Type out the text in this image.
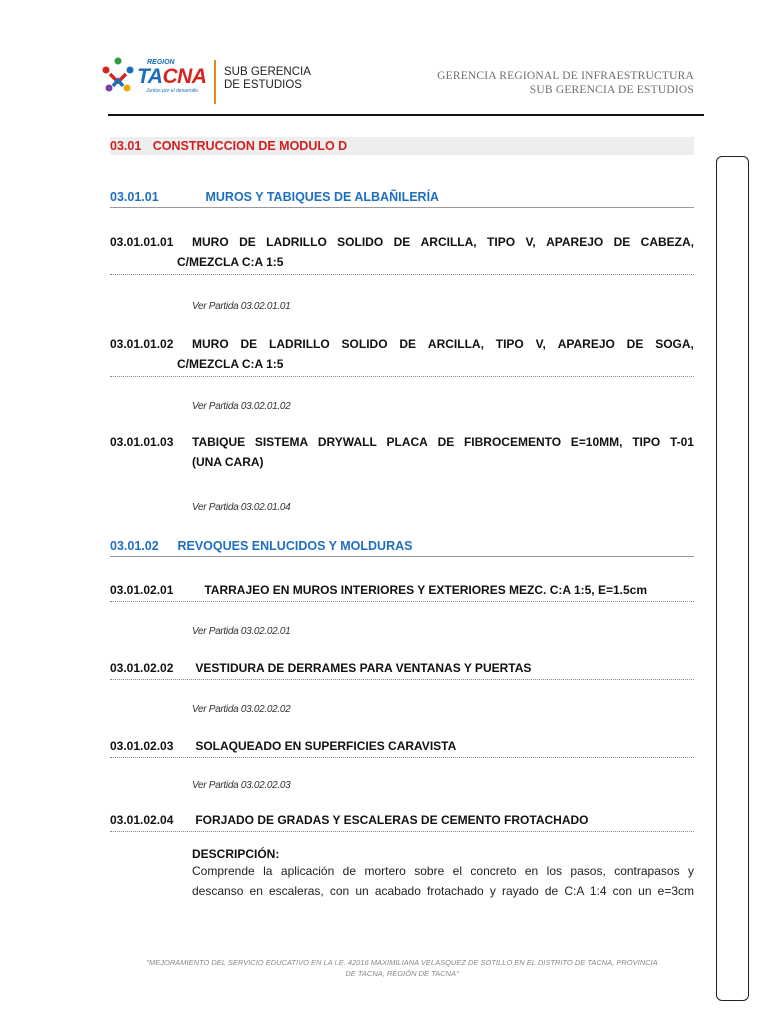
REGION
TACNA
Juntos por el desarrollo
SUB GERENCIA
DE ESTUDIOS
GERENCIA REGIONAL DE INFRAESTRUCTURA
SUB GERENCIA DE ESTUDIOS
03.01 CONSTRUCCION DE MODULO D
03.01.01	MUROS Y TABIQUES DE ALBAÑILERÍA
03.01.01.01	MURO DE LADRILLO SOLIDO DE ARCILLA, TIPO V, APAREJO DE CABEZA,
C/MEZCLA C:A 1:5
Ver Partida 03.02.01.01
03.01.01.02	MURO DE LADRILLO SOLIDO DE ARCILLA, TIPO V, APAREJO DE SOGA,
C/MEZCLA C:A 1:5
Ver Partida 03.02.01.02
03.01.01.03	TABIQUE SISTEMA DRYWALL PLACA DE FIBROCEMENTO E=10MM, TIPO T-01
(UNA CARA)
Ver Partida 03.02.01.04
03.01.02 REVOQUES ENLUCIDOS Y MOLDURAS
03.01.02.01	TARRAJEO EN MUROS INTERIORES Y EXTERIORES MEZC. C:A 1:5, E=1.5cm
Ver Partida 03.02.02.01
03.01.02.02 VESTIDURA DE DERRAMES PARA VENTANAS Y PUERTAS
Ver Partida 03.02.02.02
03.01.02.03 SOLAQUEADO EN SUPERFICIES CARAVISTA
Ver Partida 03.02.02.03
03.01.02.04 FORJADO DE GRADAS Y ESCALERAS DE CEMENTO FROTACHADO
DESCRIPCIÓN:
Comprende la aplicación de mortero sobre el concreto en los pasos, contrapasos y
descanso en escaleras, con un acabado frotachado y rayado de C:A 1:4 con un e=3cm
"MEJORAMIENTO DEL SERVICIO EDUCATIVO EN LA I.E. 42016 MAXIMILIANA VELASQUEZ DE SOTILLO EN EL DISTRITO DE TACNA, PROVINCIA
DE TACNA, REGIÓN DE TACNA"
